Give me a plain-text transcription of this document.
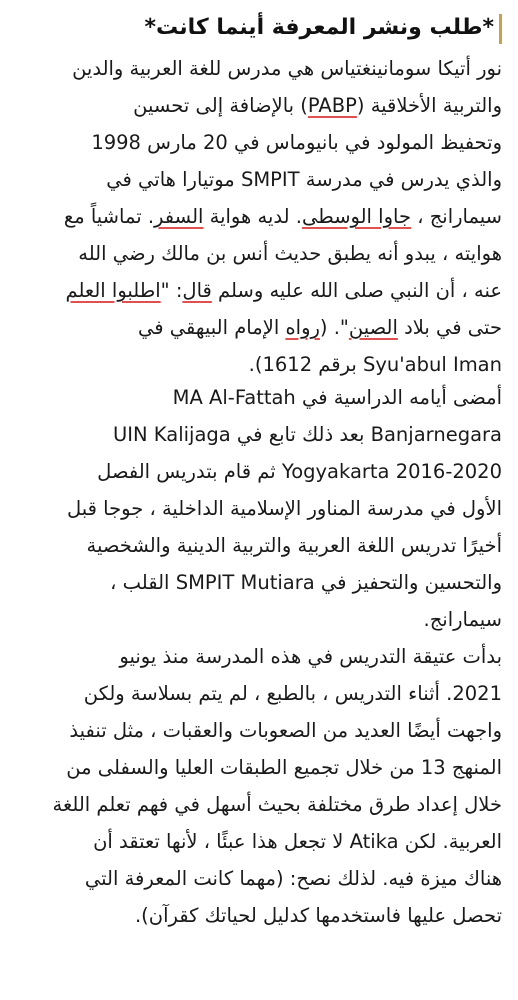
*طلب ونشر المعرفة أينما كانت*
نور أتيكا سومانينغتياس هي مدرس للغة العربية والدين
والتربية الأخلاقية (PABP) بالإضافة إلى تحسين
وتحفيظ المولود في بانيوماس في 20 مارس 1998
والذي يدرس في مدرسة SMPIT موتيارا هاتي في
سيمارانج ، جاوا الوسطى. لديه هواية السفر. تماشياً مع
هوايته ، يبدو أنه يطبق حديث أنس بن مالك رضي الله
عنه ، أن النبي صلى الله عليه وسلم قال: "اطلبوا العلم
حتى في بلاد الصين". (رواه الإمام البيهقي في
Syu'abul Iman برقم 1612).
أمضى أيامه الدراسية في MA Al-Fattah
Banjarnegara بعد ذلك تابع في UIN Kalijaga
Yogyakarta 2016-2020 ثم قام بتدريس الفصل
الأول في مدرسة المناور الإسلامية الداخلية ، جوجا قبل
أخيرًا تدريس اللغة العربية والتربية الدينية والشخصية
والتحسين والتحفيز في SMPIT Mutiara القلب ،
سيمارانج.
بدأت عتيقة التدريس في هذه المدرسة منذ يونيو
2021. أثناء التدريس ، بالطبع ، لم يتم بسلاسة ولكن
واجهت أيضًا العديد من الصعوبات والعقبات ، مثل تنفيذ
المنهج 13 من خلال تجميع الطبقات العليا والسفلى من
خلال إعداد طرق مختلفة بحيث أسهل في فهم تعلم اللغة
العربية. لكن Atika لا تجعل هذا عبئًا ، لأنها تعتقد أن
هناك ميزة فيه. لذلك نصح: (مهما كانت المعرفة التي
تحصل عليها فاستخدمها كدليل لحياتك كقرآن).
